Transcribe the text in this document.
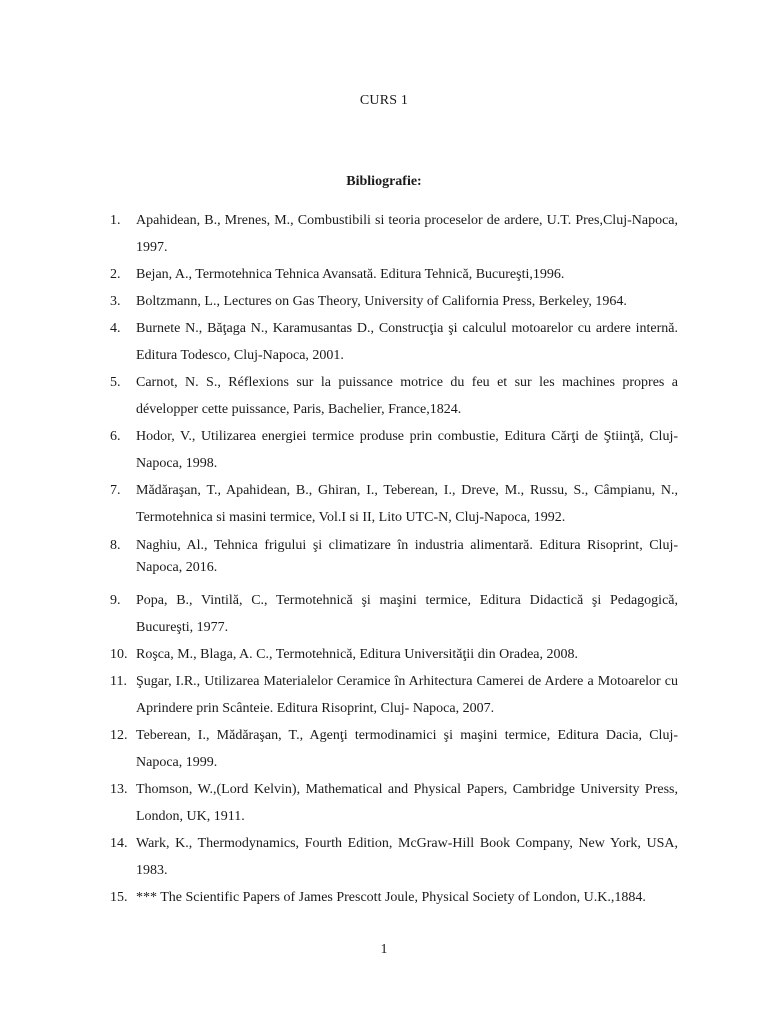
CURS 1
Bibliografie:
1.	Apahidean, B., Mrenes, M., Combustibili si teoria proceselor de ardere, U.T. Pres,Cluj-Napoca, 1997.
2.	Bejan, A., Termotehnica Tehnica Avansată. Editura Tehnică, Bucureşti,1996.
3.	Boltzmann, L., Lectures on Gas Theory, University of California Press, Berkeley, 1964.
4.	Burnete N., Băţaga N., Karamusantas D., Construcţia şi calculul motoarelor cu ardere internă. Editura Todesco, Cluj-Napoca, 2001.
5.	Carnot, N. S., Réflexions sur la puissance motrice du feu et sur les machines propres a développer cette puissance, Paris, Bachelier, France,1824.
6.	Hodor, V., Utilizarea energiei termice produse prin combustie, Editura Cărţi de Ştiinţă, Cluj-Napoca, 1998.
7.	Mădăraşan, T., Apahidean, B., Ghiran, I., Teberean, I., Dreve, M., Russu, S., Câmpianu, N., Termotehnica si masini termice, Vol.I si II, Lito UTC-N, Cluj-Napoca, 1992.
8.	Naghiu, Al., Tehnica frigului şi climatizare în industria alimentară. Editura Risoprint, Cluj-Napoca, 2016.
9.	Popa, B., Vintilă, C., Termotehnică şi maşini termice, Editura Didactică şi Pedagogică, Bucureşti, 1977.
10. Roşca, M., Blaga, A. C., Termotehnică, Editura Universităţii din Oradea, 2008.
11. Şugar, I.R., Utilizarea Materialelor Ceramice în Arhitectura Camerei de Ardere a Motoarelor cu Aprindere prin Scânteie. Editura Risoprint, Cluj- Napoca, 2007.
12. Teberean, I., Mădăraşan, T., Agenţi termodinamici şi maşini termice, Editura Dacia, Cluj-Napoca, 1999.
13. Thomson, W.,(Lord Kelvin), Mathematical and Physical Papers, Cambridge University Press, London, UK, 1911.
14. Wark, K., Thermodynamics, Fourth Edition, McGraw-Hill Book Company, New York, USA, 1983.
15. *** The Scientific Papers of James Prescott Joule, Physical Society of London, U.K.,1884.
1
